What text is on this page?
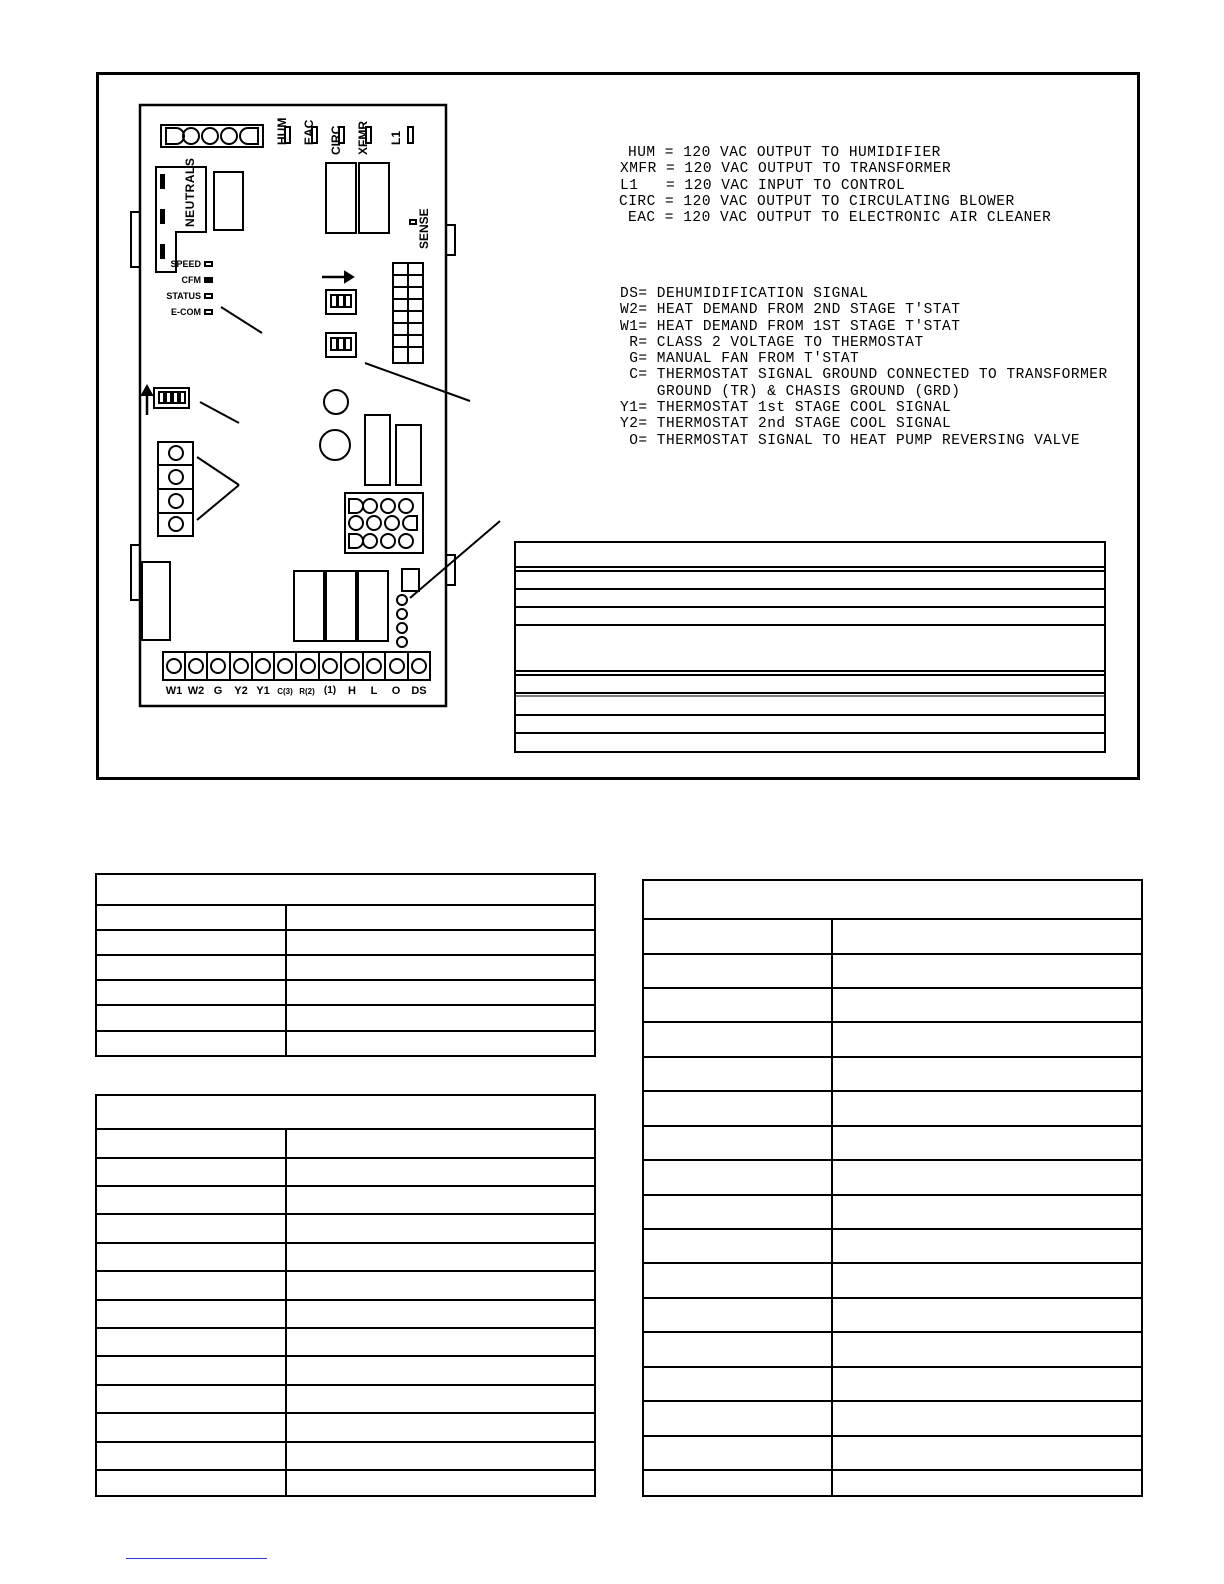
HUM EAC CIRC XFMR L1
NEUTRALS
SENSE
SPEED
CFM
STATUS
E-COM
W1 W2 G	Y2 Y1 C(3) R(2) (1)	H	L	O	DS
HUM = 120 VAC OUTPUT TO HUMIDIFIER
XMFR = 120 VAC OUTPUT TO TRANSFORMER
L1   = 120 VAC INPUT TO CONTROL
CIRC = 120 VAC OUTPUT TO CIRCULATING BLOWER
EAC = 120 VAC OUTPUT TO ELECTRONIC AIR CLEANER
DS= DEHUMIDIFICATION SIGNAL
W2= HEAT DEMAND FROM 2ND STAGE T'STAT
W1= HEAT DEMAND FROM 1ST STAGE T'STAT
R= CLASS 2 VOLTAGE TO THERMOSTAT
G= MANUAL FAN FROM T'STAT
C= THERMOSTAT SIGNAL GROUND CONNECTED TO TRANSFORMER
GROUND (TR) & CHASIS GROUND (GRD)
Y1= THERMOSTAT 1st STAGE COOL SIGNAL
Y2= THERMOSTAT 2nd STAGE COOL SIGNAL
O= THERMOSTAT SIGNAL TO HEAT PUMP REVERSING VALVE
